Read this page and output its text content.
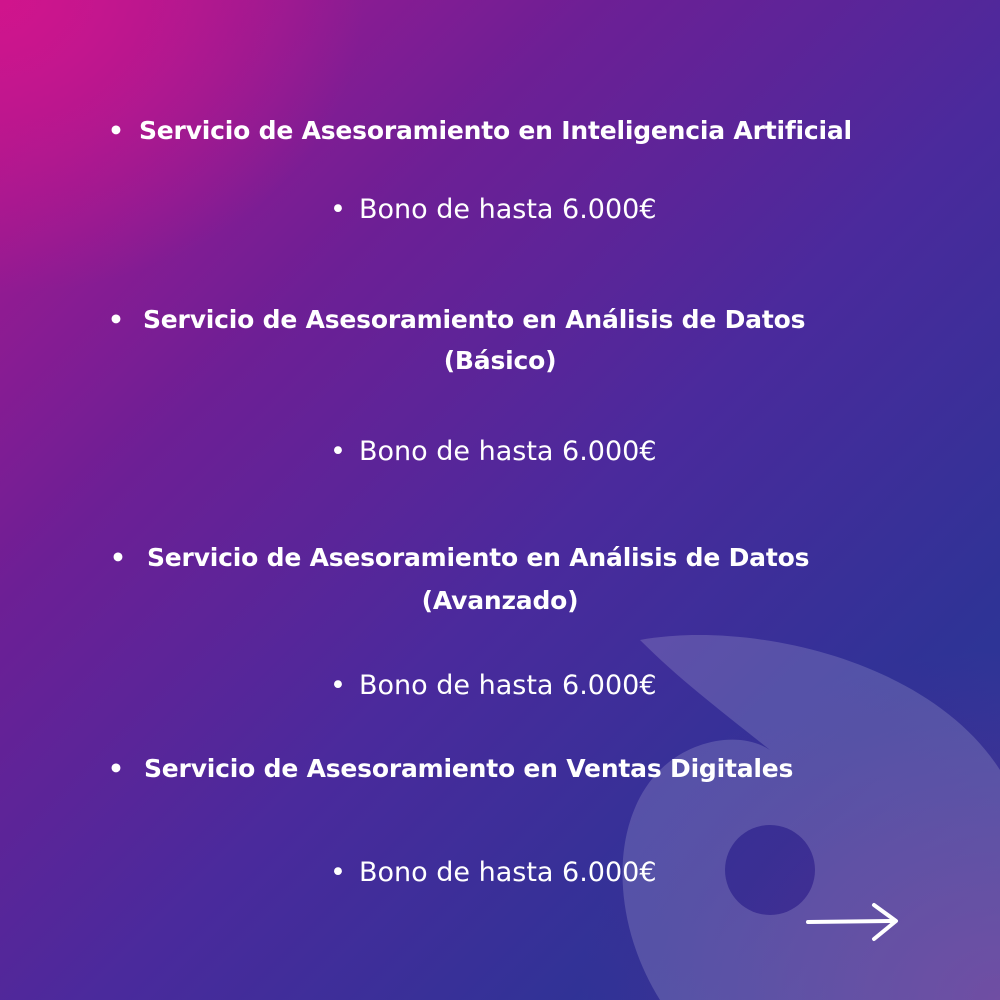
• Servicio de Asesoramiento en Inteligencia Artificial
• Bono de hasta 6.000€
• Servicio de Asesoramiento en Análisis de Datos
(Básico)
• Bono de hasta 6.000€
• Servicio de Asesoramiento en Análisis de Datos
(Avanzado)
• Bono de hasta 6.000€
• Servicio de Asesoramiento en Ventas Digitales
• Bono de hasta 6.000€
